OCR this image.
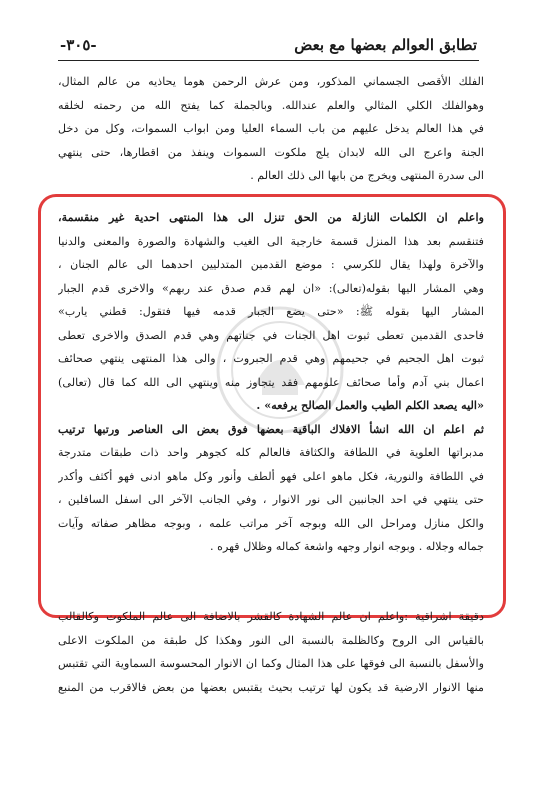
تطابق العوالم بعضها مع بعض
-٣٠٥-

الفلك الأقصى الجسماني المذكور، ومن عرش الرحمن هوما يحاذيه من عالم المثال،

وهوالفلك الكلي المثالي والعلم عندالله. وبالجملة كما يفتح الله من رحمته لخلقه

في هذا العالم يدخل عليهم من باب السماء العليا ومن ابواب السموات، وكل من دخل

الجنة واعرج الى الله لابدان يلج ملكوت السموات وينفذ من اقطارها، حتى ينتهي

الى سدرة المنتهى ويخرج من بابها الى ذلك العالم .

واعلم ان الكلمات النازلة من الحق تنزل الى هذا المنتهى احدية غير منقسمة،

فتنقسم بعد هذا المنزل قسمة خارجية الى الغيب والشهادة والصورة والمعنى والدنيا

والآخرة ولهذا يقال للكرسي : موضع القدمين المتدليين احدهما الى عالم الجنان ،

وهي المشار اليها بقوله(تعالى): «ان لهم قدم صدق عند ربهم» والاخرى قدم الجبار

المشار اليها بقوله ﷺ: «حتى يضع الجبار قدمه فيها فتقول: قطني يارب»

فاحدى القدمين تعطى ثبوت اهل الجنات في جناتهم وهي قدم الصدق والاخرى تعطى

ثبوت اهل الجحيم في جحيمهم وهي قدم الجبروت ، والى هذا المنتهى ينتهي صحائف

اعمال بني آدم وأما صحائف علومهم فقد يتجاوز منه وينتهي الى الله كما قال (تعالى)

«اليه يصعد الكلم الطيب والعمل الصالح يرفعه» .

ثم اعلم ان الله انشأ الافلاك الباقية بعضها فوق بعض الى العناصر ورتبها ترتيب

مدبراتها العلوية في اللطافة والكثافة فالعالم كله كجوهر واحد ذات طبقات متدرجة

في اللطافة والنورية، فكل ماهو اعلى فهو ألطف وأنور وكل ماهو ادنى فهو أكثف وأكدر

حتى ينتهي في احد الجانبين الى نور الانوار ، وفي الجانب الآخر الى اسفل السافلين ،

والكل منازل ومراحل الى الله وبوجه آخر مراتب علمه ، وبوجه مظاهر صفاته وآيات

جماله وجلاله . وبوجه انوار وجهه واشعة كماله وظلال قهره .

دقيقة اشراقية :واعلم ان عالم الشهادة كالقشر بالاضافة الى عالم الملكوت وكالقالب

بالقياس الى الروح وكالظلمة بالنسبة الى النور وهكذا كل طبقة من الملكوت الاعلى

والأسفل بالنسبة الى فوقها على هذا المثال وكما ان الانوار المحسوسة السماوية التي تقتبس

منها الانوار الارضية قد يكون لها ترتيب بحيث يقتبس بعضها من بعض فالاقرب من المنبع
